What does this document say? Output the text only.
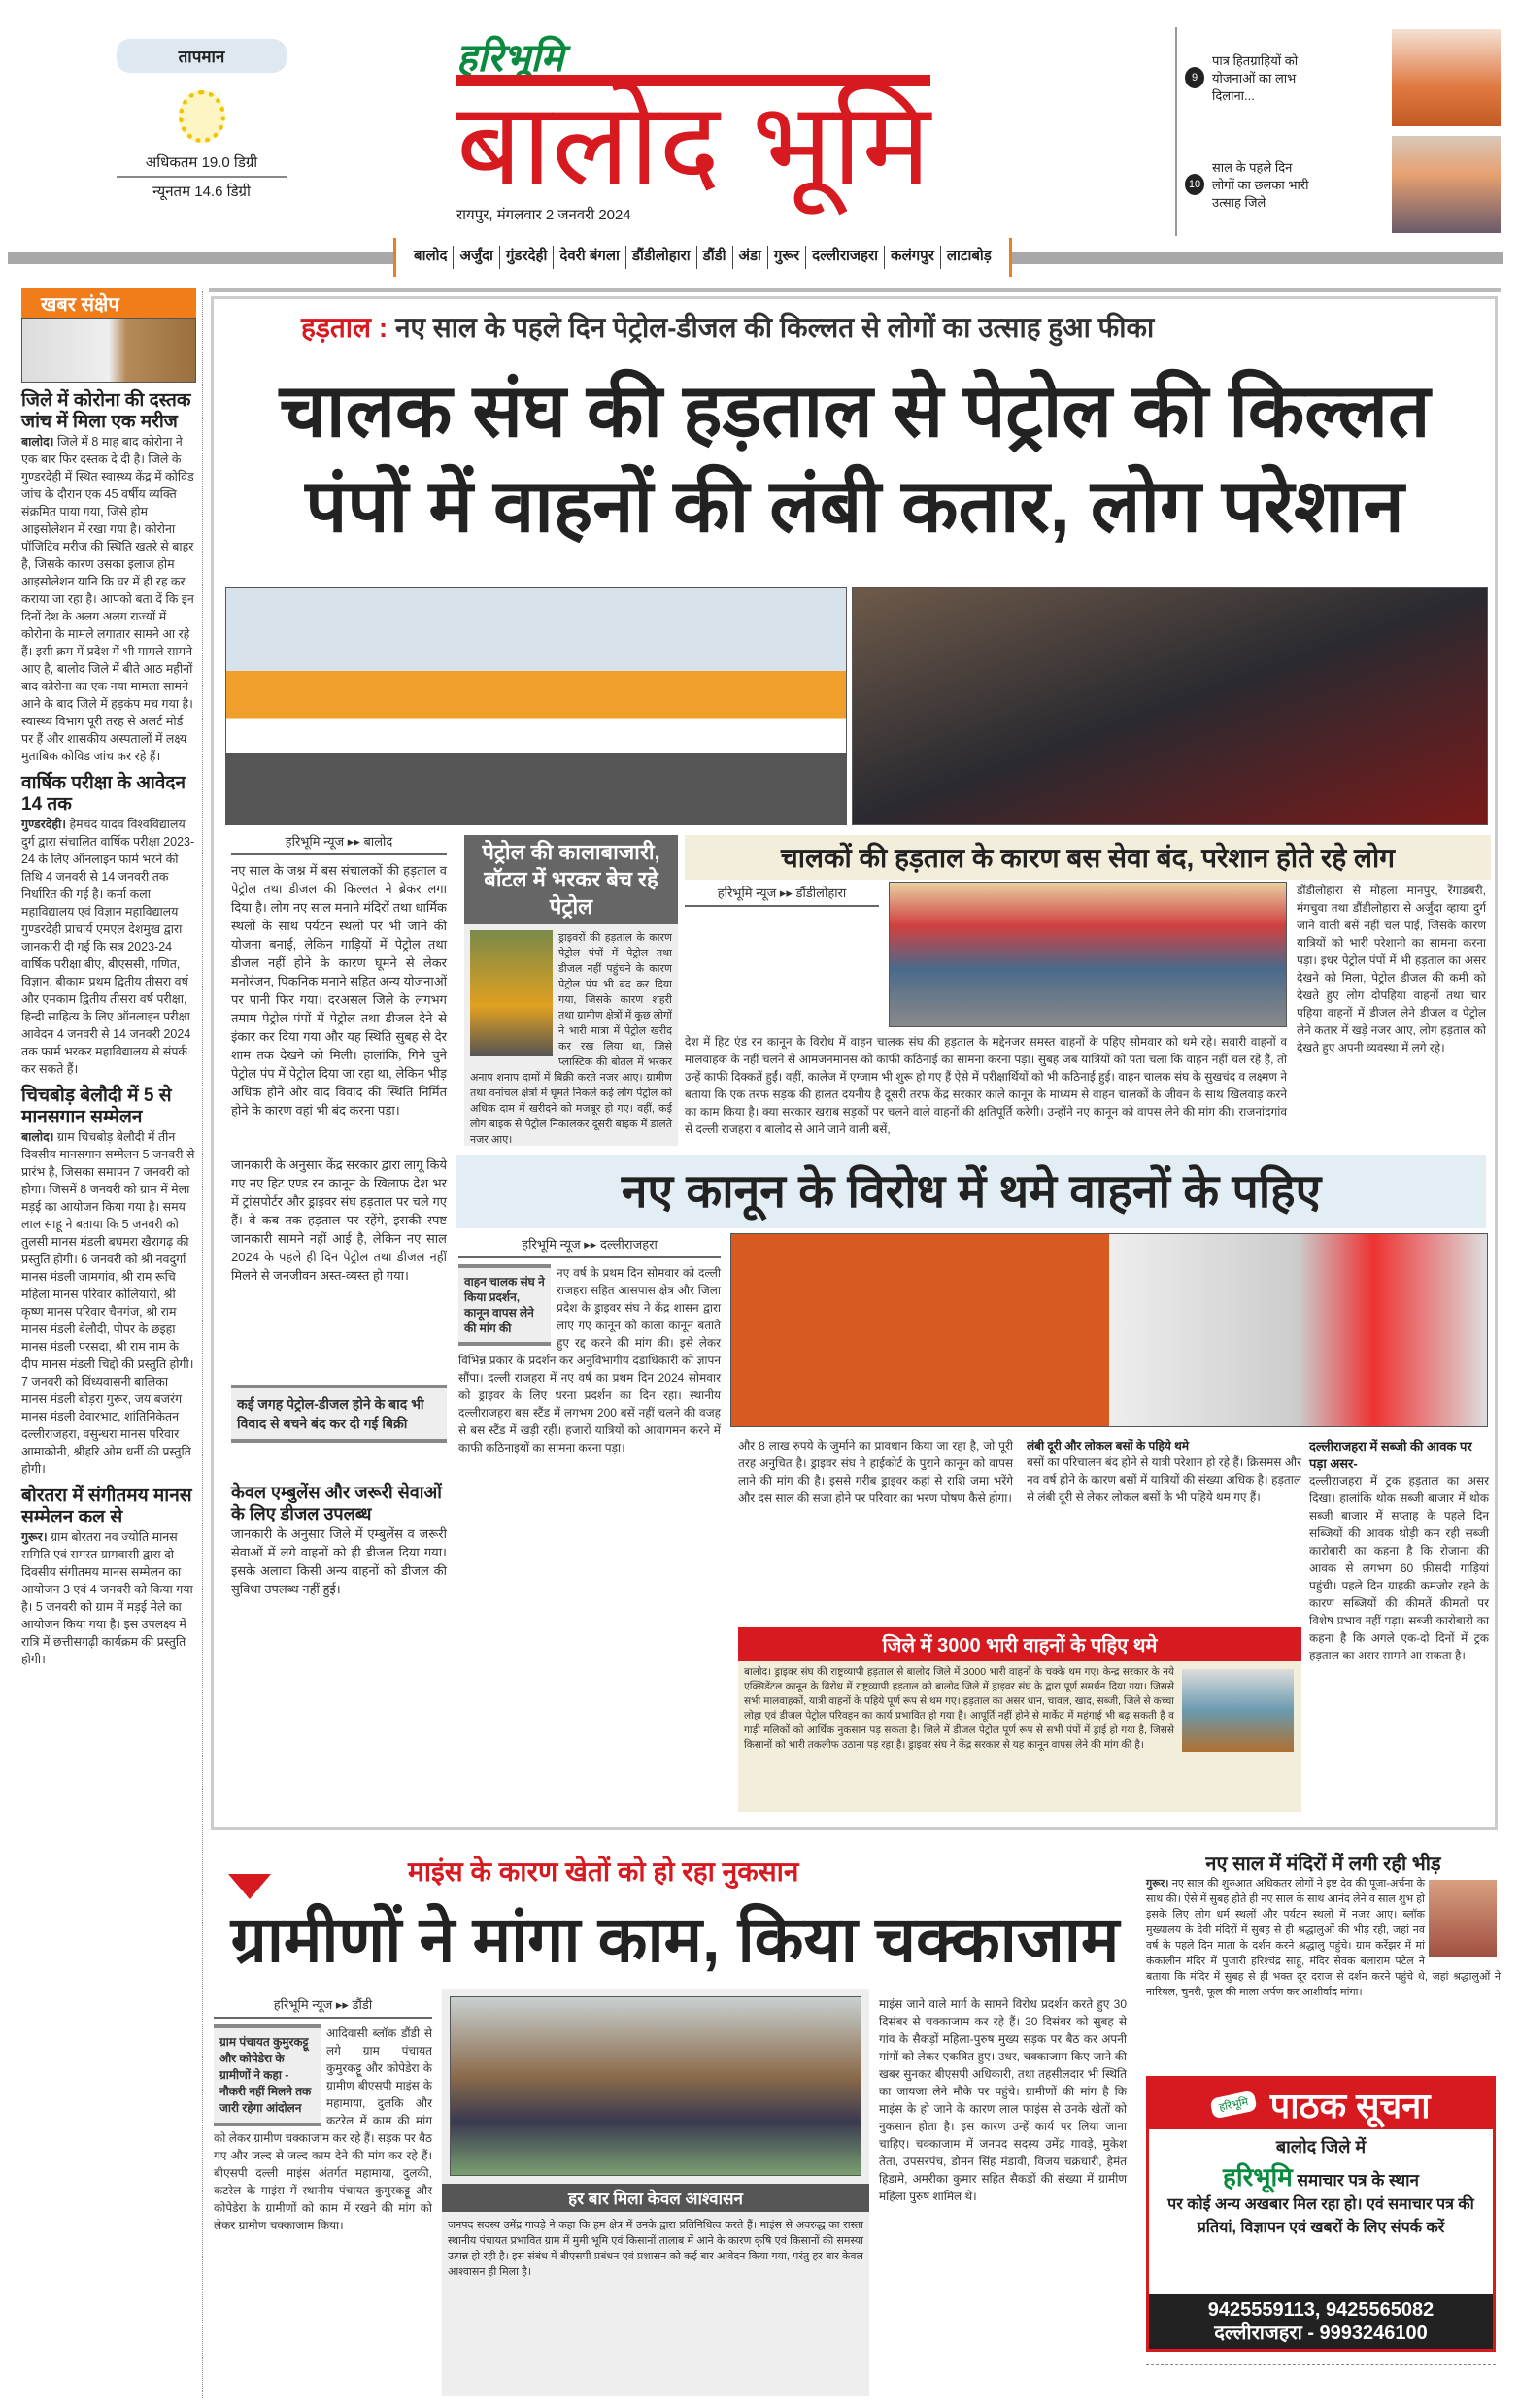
तापमान
अधिकतम 19.0 डिग्री
न्यूनतम 14.6 डिग्री
हरिभूमि
बालोद भूमि
रायपुर, मंगलवार 2 जनवरी 2024
बालोद अर्जुंदा गुंडरदेही देवरी बंगला डौंडीलोहारा डौंडी अंडा गुरूर दल्लीराजहरा कलंगपुर लाटाबोड़
9
पात्र हितग्राहियों को योजनाओं का लाभ दिलाना...
10
साल के पहले दिन लोगों का छलका भारी उत्साह जिले
खबर संक्षेप
जिले में कोरोना की दस्तक जांच में मिला एक मरीज
बालोद। जिले में 8 माह बाद कोरोना ने एक बार फिर दस्तक दे दी है। जिले के गुण्डरदेही में स्थित स्वास्थ्य केंद्र में कोविड जांच के दौरान एक 45 वर्षीय व्यक्ति संक्रमित पाया गया, जिसे होम आइसोलेशन में रखा गया है। कोरोना पॉजिटिव मरीज की स्थिति खतरे से बाहर है, जिसके कारण उसका इलाज होम आइसोलेशन यानि कि घर में ही रह कर कराया जा रहा है। आपको बता दें कि इन दिनों देश के अलग अलग राज्यों में कोरोना के मामले लगातार सामने आ रहे हैं। इसी क्रम में प्रदेश में भी मामले सामने आए है, बालोद जिले में बीते आठ महीनों बाद कोरोना का एक नया मामला सामने आने के बाद जिले में हड़कंप मच गया है। स्वास्थ्य विभाग पूरी तरह से अलर्ट मोर्ड पर हैं और शासकीय अस्पतालों में लक्ष्य मुताबिक कोविड जांच कर रहे हैं।
वार्षिक परीक्षा के आवेदन 14 तक
गुण्डरदेही। हेमचंद यादव विश्वविद्यालय दुर्ग द्वारा संचालित वार्षिक परीक्षा 2023-24 के लिए ऑनलाइन फार्म भरने की तिथि 4 जनवरी से 14 जनवरी तक निर्धारित की गई है। कर्मा कला महाविद्यालय एवं विज्ञान महाविद्यालय गुण्डरदेही प्राचार्य एमएल देशमुख द्वारा जानकारी दी गई कि सत्र 2023-24 वार्षिक परीक्षा बीए, बीएससी, गणित, विज्ञान, बीकाम प्रथम द्वितीय तीसरा वर्ष और एमकाम द्वितीय तीसरा वर्ष परीक्षा, हिन्दी साहित्य के लिए ऑनलाइन परीक्षा आवेदन 4 जनवरी से 14 जनवरी 2024 तक फार्म भरकर महाविद्यालय से संपर्क कर सकते हैं।
चिचबोड़ बेलौदी में 5 से मानसगान सम्मेलन
बालोद। ग्राम चिचबोड़ बेलौदी में तीन दिवसीय मानसगान सम्मेलन 5 जनवरी से प्रारंभ है, जिसका समापन 7 जनवरी को होगा। जिसमें 8 जनवरी को ग्राम में मेला मड़ई का आयोजन किया गया है। समय लाल साहू ने बताया कि 5 जनवरी को तुलसी मानस मंडली बघमरा खैरागढ़ की प्रस्तुति होगी। 6 जनवरी को श्री नवदुर्गा मानस मंडली जामगांव, श्री राम रूचि महिला मानस परिवार कोलियारी, श्री कृष्ण मानस परिवार चैनगंज, श्री राम मानस मंडली बेलौदी, पीपर के छइहा मानस मंडली परसदा, श्री राम नाम के दीप मानस मंडली चिद्दो की प्रस्तुति होगी। 7 जनवरी को विंध्यवासनी बालिका मानस मंडली बोड़रा गुरूर, जय बजरंग मानस मंडली देवारभाट, शांतिनिकेतन दल्लीराजहरा, वसुन्धरा मानस परिवार आमाकोनी, श्रीहरि ओम धर्नी की प्रस्तुति होगी।
बोरतरा में संगीतमय मानस सम्मेलन कल से
गुरूर। ग्राम बोरतरा नव ज्योति मानस समिति एवं समस्त ग्रामवासी द्वारा दो दिवसीय संगीतमय मानस सम्मेलन का आयोजन 3 एवं 4 जनवरी को किया गया है। 5 जनवरी को ग्राम में मड़ई मेले का आयोजन किया गया है। इस उपलक्ष्य में रात्रि में छत्तीसगढ़ी कार्यक्रम की प्रस्तुति होगी।
हड़ताल : नए साल के पहले दिन पेट्रोल-डीजल की किल्लत से लोगों का उत्साह हुआ फीका
चालक संघ की हड़ताल से पेट्रोल की किल्लत
पंपों में वाहनों की लंबी कतार, लोग परेशान
हरिभूमि न्यूज ▸▸ बालोद
नए साल के जश्न में बस संचालकों की हड़ताल व पेट्रोल तथा डीजल की किल्लत ने ब्रेकर लगा दिया है। लोग नए साल मनाने मंदिरों तथा धार्मिक स्थलों के साथ पर्यटन स्थलों पर भी जाने की योजना बनाई, लेकिन गाड़ियों में पेट्रोल तथा डीजल नहीं होने के कारण घूमने से लेकर मनोरंजन, पिकनिक मनाने सहित अन्य योजनाओं पर पानी फिर गया। दरअसल जिले के लगभग तमाम पेट्रोल पंपों में पेट्रोल तथा डीजल देने से इंकार कर दिया गया और यह स्थिति सुबह से देर शाम तक देखने को मिली। हालांकि, गिने चुने पेट्रोल पंप में पेट्रोल दिया जा रहा था, लेकिन भीड़ अधिक होने और वाद विवाद की स्थिति निर्मित होने के कारण वहां भी बंद करना पड़ा।
पेट्रोल की कालाबाजारी, बॉटल में भरकर बेच रहे पेट्रोल
ड्राइवरों की हड़ताल के कारण पेट्रोल पंपों में पेट्रोल तथा डीजल नहीं पहुंचने के कारण पेट्रोल पंप भी बंद कर दिया गया, जिसके कारण शहरी तथा ग्रामीण क्षेत्रों में कुछ लोगों ने भारी मात्रा में पेट्रोल खरीद कर रख लिया था, जिसे प्लास्टिक की बोतल में भरकर अनाप शनाप दामों में बिक्री करते नजर आए। ग्रामीण तथा वनांचल क्षेत्रों में घूमते निकले कई लोग पेट्रोल को अधिक दाम में खरीदने को मजबूर हो गए। वहीं, कई लोग बाइक से पेट्रोल निकालकर दूसरी बाइक में डालते नजर आए।
चालकों की हड़ताल के कारण बस सेवा बंद, परेशान होते रहे लोग
हरिभूमि न्यूज ▸▸ डौंडीलोहारा
देश में हिट एंड रन कानून के विरोध में वाहन चालक संघ की हड़ताल के मद्देनजर समस्त वाहनों के पहिए सोमवार को थमे रहे। सवारी वाहनों व मालवाहक के नहीं चलने से आमजनमानस को काफी कठिनाई का सामना करना पड़ा। सुबह जब यात्रियों को पता चला कि वाहन नहीं चल रहे हैं, तो उन्हें काफी दिक्कतें हुईं। वहीं, कालेज में एग्जाम भी शुरू हो गए हैं ऐसे में परीक्षार्थियों को भी कठिनाई हुई। वाहन चालक संघ के सुखचंद व लक्ष्मण ने बताया कि एक तरफ सड़क की हालत दयनीय है दूसरी तरफ केंद्र सरकार काले कानून के माध्यम से वाहन चालकों के जीवन के साथ खिलवाड़ करने का काम किया है। क्या सरकार खराब सड़कों पर चलने वाले वाहनों की क्षतिपूर्ति करेगी। उन्होंने नए कानून को वापस लेने की मांग की। राजनांदगांव से दल्ली राजहरा व बालोद से आने जाने वाली बसें,
डौंडीलोहारा से मोहला मानपुर, रेंगाडबरी, मंगचुवा तथा डौंडीलोहारा से अर्जुंदा व्हाया दुर्ग जाने वाली बसें नहीं चल पाईं, जिसके कारण यात्रियों को भारी परेशानी का सामना करना पड़ा। इधर पेट्रोल पंपों में भी हड़ताल का असर देखने को मिला, पेट्रोल डीजल की कमी को देखते हुए लोग दोपहिया वाहनों तथा चार पहिया वाहनों में डीजल लेने डीजल व पेट्रोल लेने कतार में खड़े नजर आए, लोग हड़ताल को देखते हुए अपनी व्यवस्था में लगे रहे।
नए कानून के विरोध में थमे वाहनों के पहिए
जानकारी के अनुसार केंद्र सरकार द्वारा लागू किये गए नए हिट एण्ड रन कानून के खिलाफ देश भर में ट्रांसपोर्टर और ड्राइवर संघ हड़ताल पर चले गए हैं। वे कब तक हड़ताल पर रहेंगे, इसकी स्पष्ट जानकारी सामने नहीं आई है, लेकिन नए साल 2024 के पहले ही दिन पेट्रोल तथा डीजल नहीं मिलने से जनजीवन अस्त-व्यस्त हो गया।
कई जगह पेट्रोल-डीजल होने के बाद भी विवाद से बचने बंद कर दी गई बिक्री
केवल एम्बुलेंस और जरूरी सेवाओं के लिए डीजल उपलब्ध
जानकारी के अनुसार जिले में एम्बुलेंस व जरूरी सेवाओं में लगे वाहनों को ही डीजल दिया गया। इसके अलावा किसी अन्य वाहनों को डीजल की सुविधा उपलब्ध नहीं हुई।
हरिभूमि न्यूज ▸▸ दल्लीराजहरा
वाहन चालक संघ ने किया प्रदर्शन, कानून वापस लेने की मांग की
नए वर्ष के प्रथम दिन सोमवार को दल्ली राजहरा सहित आसपास क्षेत्र और जिला प्रदेश के ड्राइवर संघ ने केंद्र शासन द्वारा लाए गए कानून को काला कानून बताते हुए रद्द करने की मांग की। इसे लेकर विभिन्न प्रकार के प्रदर्शन कर अनुविभागीय दंडाधिकारी को ज्ञापन सौंपा। दल्ली राजहरा में नए वर्ष का प्रथम दिन 2024 सोमवार को ड्राइवर के लिए धरना प्रदर्शन का दिन रहा। स्थानीय दल्लीराजहरा बस स्टैंड में लगभग 200 बसें नहीं चलने की वजह से बस स्टैंड में खड़ी रहीं। हजारों यात्रियों को आवागमन करने में काफी कठिनाइयों का सामना करना पड़ा।	और 8 लाख रुपये के जुर्माने का प्रावधान किया जा रहा है, जो पूरी तरह अनुचित है। ड्राइवर संघ ने हाईकोर्ट के पुराने कानून को वापस लाने की मांग की है। इससे गरीब ड्राइवर कहां से राशि जमा भरेंगे और दस साल की सजा होने पर परिवार का भरण पोषण कैसे होगा।
लंबी दूरी और लोकल बसों के पहिये थमे
बसों का परिचालन बंद होने से यात्री परेशान हो रहे हैं। क्रिसमस और नव वर्ष होने के कारण बसों में यात्रियों की संख्या अधिक है। हड़ताल से लंबी दूरी से लेकर लोकल बसों के भी पहिये थम गए हैं।
जिले में 3000 भारी वाहनों के पहिए थमे
बालोद। ड्राइवर संघ की राष्ट्रव्यापी हड़ताल से बालोद जिले में 3000 भारी वाहनों के चक्के थम गए। केन्द्र सरकार के नये एक्सिडेंटल कानून के विरोध में राष्ट्रव्यापी हड़ताल को बालोद जिले में ड्राइवर संघ के द्वारा पूर्ण समर्थन दिया गया। जिससे सभी मालवाहकों, यात्री वाहनों के पहिये पूर्ण रूप से थम गए। हड़ताल का असर धान, चावल, खाद, सब्जी, जिले से कच्चा लोहा एवं डीजल पेट्रोल परिवहन का कार्य प्रभावित हो गया है। आपूर्ति नहीं होने से मार्केट में महंगाई भी बढ़ सकती है व गाड़ी मलिकों को आर्थिक नुकसान पड़ सकता है। जिले में डीजल पेट्रोल पूर्ण रूप से सभी पंपों में ड्राई हो गया है, जिससे किसानों को भारी तकलीफ उठाना पड़ रहा है। ड्राइवर संघ ने केंद्र सरकार से यह कानून वापस लेने की मांग की है।
दल्लीराजहरा में सब्जी की आवक पर पड़ा असर-
दल्लीराजहरा में ट्रक हड़ताल का असर दिखा। हालांकि थोक सब्जी बाजार में थोक सब्जी बाजार में सप्ताह के पहले दिन सब्जियों की आवक थोड़ी कम रही सब्जी कारोबारी का कहना है कि रोजाना की आवक से लगभग 60 फ़ीसदी गाड़ियां पहुंची। पहले दिन ग्राहकी कमजोर रहने के कारण सब्जियों की कीमतें कीमतों पर विशेष प्रभाव नहीं पड़ा। सब्जी कारोबारी का कहना है कि अगले एक-दो दिनों में ट्रक हड़ताल का असर सामने आ सकता है।
माइंस के कारण खेतों को हो रहा नुकसान
ग्रामीणों ने मांगा काम, किया चक्काजाम
हरिभूमि न्यूज ▸▸ डौंडी
ग्राम पंचायत कुमुरकट्टू और कोपेडेरा के ग्रामीणों ने कहा - नौकरी नहीं मिलने तक जारी रहेगा आंदोलन
आदिवासी ब्लॉक डौंडी से लगे ग्राम पंचायत कुमुरकट्टू और कोपेडेरा के ग्रामीण बीएसपी माइंस के महामाया, दुलकि और कटरेल में काम की मांग को लेकर ग्रामीण चक्काजाम कर रहे हैं। सड़क पर बैठ गए और जल्द से जल्द काम देने की मांग कर रहे हैं। बीएसपी दल्ली माइंस अंतर्गत महामाया, दुलकी, कटरेल के माइंस में स्थानीय पंचायत कुमुरकट्टू और कोपेडेरा के ग्रामीणों को काम में रखने की मांग को लेकर ग्रामीण चक्काजाम किया।
हर बार मिला केवल आश्वासन
जनपद सदस्य उमेंद्र गावड़े ने कहा कि हम क्षेत्र में उनके द्वारा प्रतिनिधित्व करते हैं। माइंस से अवरुद्ध का रास्ता स्थानीय पंचायत प्रभावित ग्राम में मुमी भूमि एवं किसानों तालाब में आने के कारण कृषि एवं किसानों की समस्या उत्पन्न हो रही है। इस संबंध में बीएसपी प्रबंधन एवं प्रशासन को कई बार आवेदन किया गया, परंतु हर बार केवल आश्वासन ही मिला है।
माइंस जाने वाले मार्ग के सामने विरोध प्रदर्शन करते हुए 30 दिसंबर से चक्काजाम कर रहे हैं। 30 दिसंबर को सुबह से गांव के सैकड़ों महिला-पुरुष मुख्य सड़क पर बैठ कर अपनी मांगों को लेकर एकत्रित हुए। उधर, चक्काजाम किए जाने की खबर सुनकर बीएसपी अधिकारी, तथा तहसीलदार भी स्थिति का जायजा लेने मौके पर पहुंचे। ग्रामीणों की मांग है कि माइंस के हो जाने के कारण लाल फाइंस से उनके खेतों को नुकसान होता है। इस कारण उन्हें कार्य पर लिया जाना चाहिए। चक्काजाम में जनपद सदस्य उमेंद्र गावड़े, मुकेश तेता, उपसरपंच, डोमन सिंह मंडावी, विजय चक्रधारी, हेमंत हिडामे, अमरीका कुमार सहित सैकड़ों की संख्या में ग्रामीण महिला पुरुष शामिल थे।
नए साल में मंदिरों में लगी रही भीड़
गुरूर। नए साल की शुरुआत अधिकतर लोगों ने इष्ट देव की पूजा-अर्चना के साथ की। ऐसे में सुबह होते ही नए साल के साथ आनंद लेने व साल शुभ हो इसके लिए लोग धर्म स्थलों और पर्यटन स्थलों में नजर आए। ब्लॉक मुख्यालय के देवी मंदिरों में सुबह से ही श्रद्धालुओं की भीड़ रही, जहां नव वर्ष के पहले दिन माता के दर्शन करने श्रद्धालु पहुंचे। ग्राम कर्रेझर में मां कंकालीन मंदिर में पुजारी हरिश्चंद्र साहू, मंदिर सेवक बलाराम पटेल ने बताया कि मंदिर में सुबह से ही भक्त दूर दराज से दर्शन करने पहुंचे थे, जहां श्रद्धालुओं ने नारियल, चुनरी, फूल की माला अर्पण कर आशीर्वाद मांगा।
हरिभूमि पाठक सूचना
बालोद जिले में
हरिभूमि समाचार पत्र के स्थान
पर कोई अन्य अखबार मिल रहा हो। एवं समाचार पत्र की प्रतियां, विज्ञापन एवं खबरों के लिए संपर्क करें
9425559113, 9425565082
दल्लीराजहरा - 9993246100
